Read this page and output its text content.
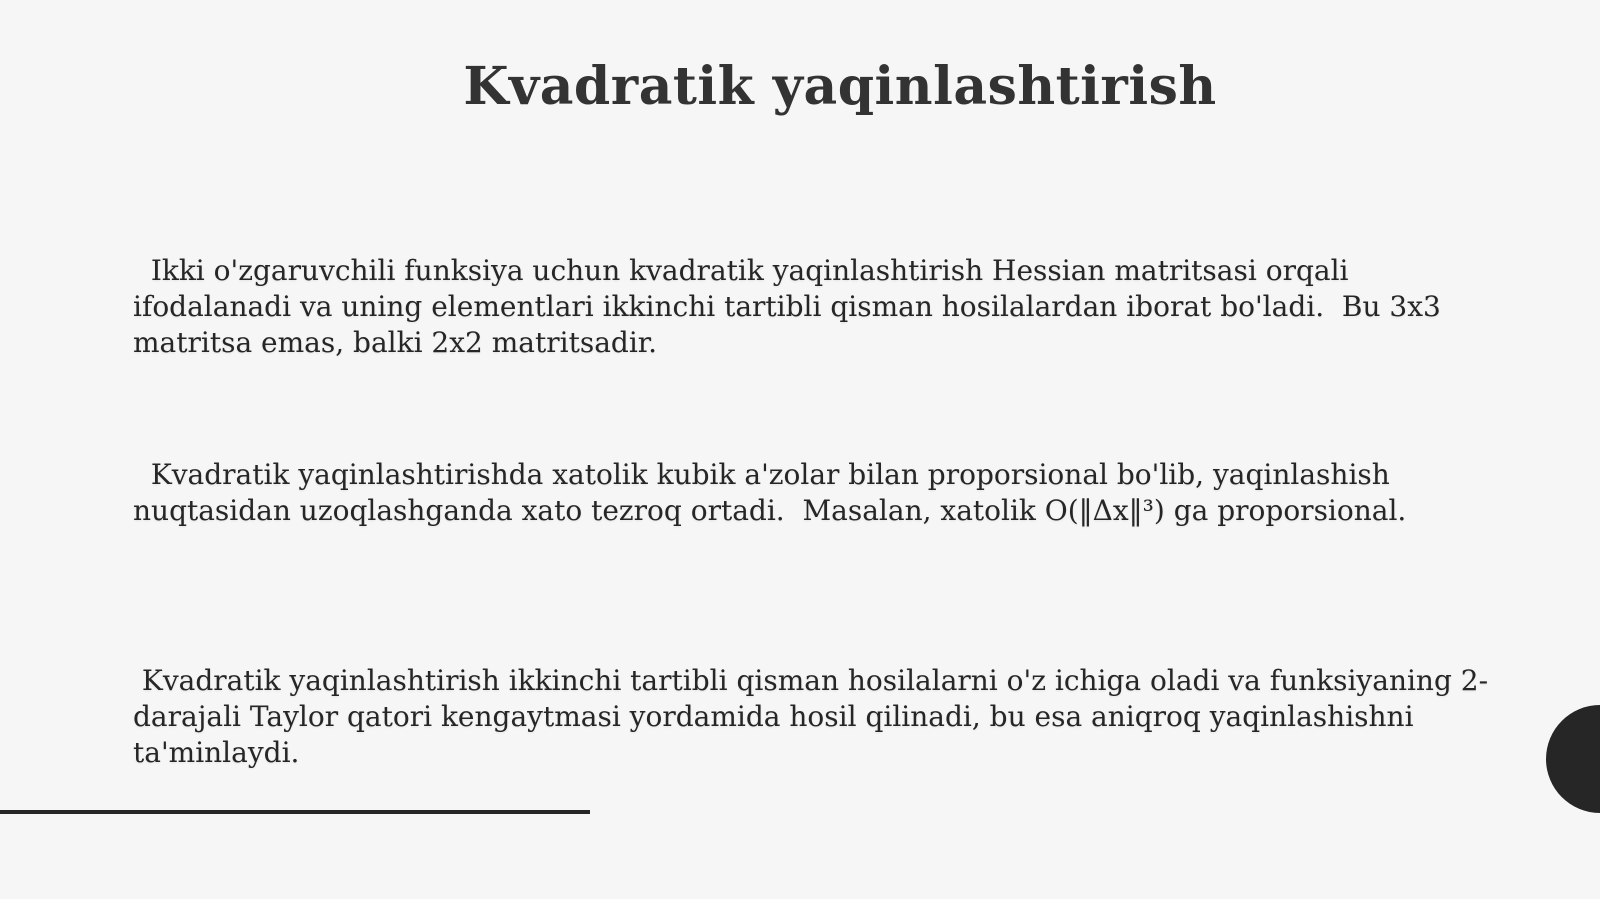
Kvadratik yaqinlashtirish

Ikki o'zgaruvchili funksiya uchun kvadratik yaqinlashtirish Hessian matritsasi orqali ifodalanadi va uning elementlari ikkinchi tartibli qisman hosilalardan iborat bo'ladi.  Bu 3x3 matritsa emas, balki 2x2 matritsadir.

Kvadratik yaqinlashtirishda xatolik kubik a'zolar bilan proporsional bo'lib, yaqinlashish nuqtasidan uzoqlashganda xato tezroq ortadi.  Masalan, xatolik O(‖Δx‖³) ga proporsional.

Kvadratik yaqinlashtirish ikkinchi tartibli qisman hosilalarni o'z ichiga oladi va funksiyaning 2-darajali Taylor qatori kengaytmasi yordamida hosil qilinadi, bu esa aniqroq yaqinlashishni ta'minlaydi.
